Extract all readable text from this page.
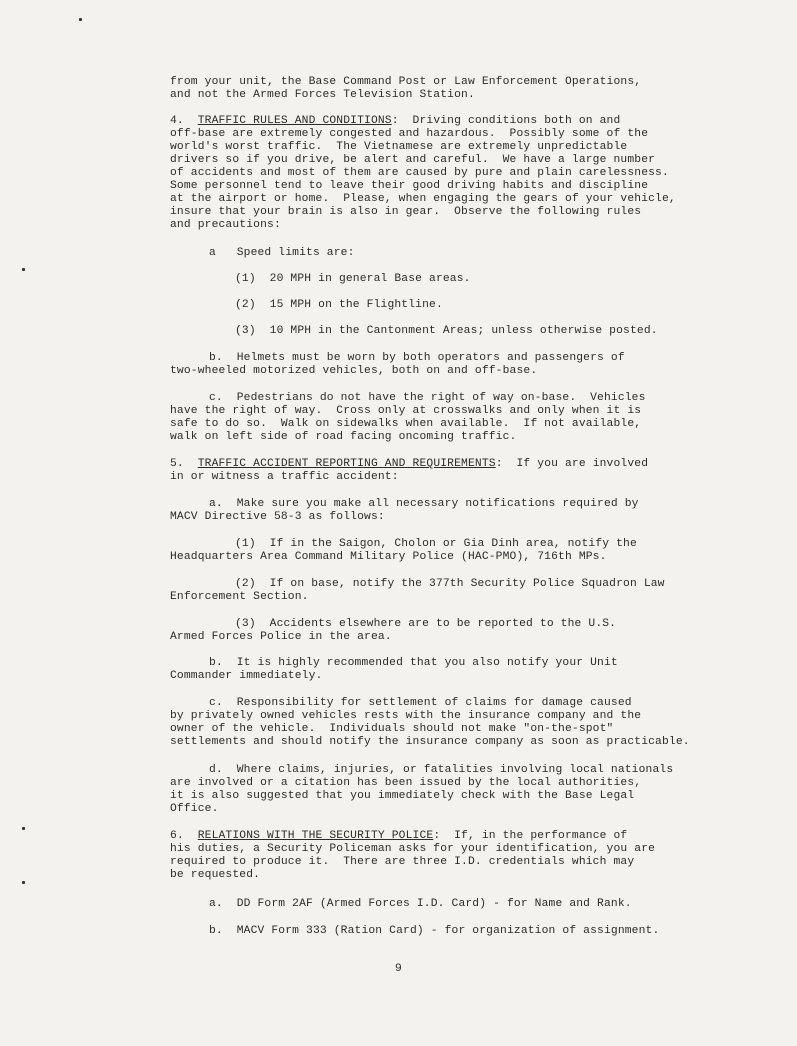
from your unit, the Base Command Post or Law Enforcement Operations,
and not the Armed Forces Television Station.
4. TRAFFIC RULES AND CONDITIONS:  Driving conditions both on and
off-base are extremely congested and hazardous.  Possibly some of the
world's worst traffic.  The Vietnamese are extremely unpredictable
drivers so if you drive, be alert and careful.  We have a large number
of accidents and most of them are caused by pure and plain carelessness.
Some personnel tend to leave their good driving habits and discipline
at the airport or home.  Please, when engaging the gears of your vehicle,
insure that your brain is also in gear.  Observe the following rules
and precautions:
a   Speed limits are:
(1)  20 MPH in general Base areas.
(2)  15 MPH on the Flightline.
(3)  10 MPH in the Cantonment Areas; unless otherwise posted.
b.  Helmets must be worn by both operators and passengers of
two-wheeled motorized vehicles, both on and off-base.
c.  Pedestrians do not have the right of way on-base.  Vehicles
have the right of way.  Cross only at crosswalks and only when it is
safe to do so.  Walk on sidewalks when available.  If not available,
walk on left side of road facing oncoming traffic.
5. TRAFFIC ACCIDENT REPORTING AND REQUIREMENTS:  If you are involved
in or witness a traffic accident:
a.  Make sure you make all necessary notifications required by
MACV Directive 58-3 as follows:
(1)  If in the Saigon, Cholon or Gia Dinh area, notify the
Headquarters Area Command Military Police (HAC-PMO), 716th MPs.
(2)  If on base, notify the 377th Security Police Squadron Law
Enforcement Section.
(3)  Accidents elsewhere are to be reported to the U.S.
Armed Forces Police in the area.
b.  It is highly recommended that you also notify your Unit
Commander immediately.
c.  Responsibility for settlement of claims for damage caused
by privately owned vehicles rests with the insurance company and the
owner of the vehicle.  Individuals should not make "on-the-spot"
settlements and should notify the insurance company as soon as practicable.
d.  Where claims, injuries, or fatalities involving local nationals
are involved or a citation has been issued by the local authorities,
it is also suggested that you immediately check with the Base Legal
Office.
6. RELATIONS WITH THE SECURITY POLICE:  If, in the performance of
his duties, a Security Policeman asks for your identification, you are
required to produce it.  There are three I.D. credentials which may
be requested.
a.  DD Form 2AF (Armed Forces I.D. Card) - for Name and Rank.
b.  MACV Form 333 (Ration Card) - for organization of assignment.
9
